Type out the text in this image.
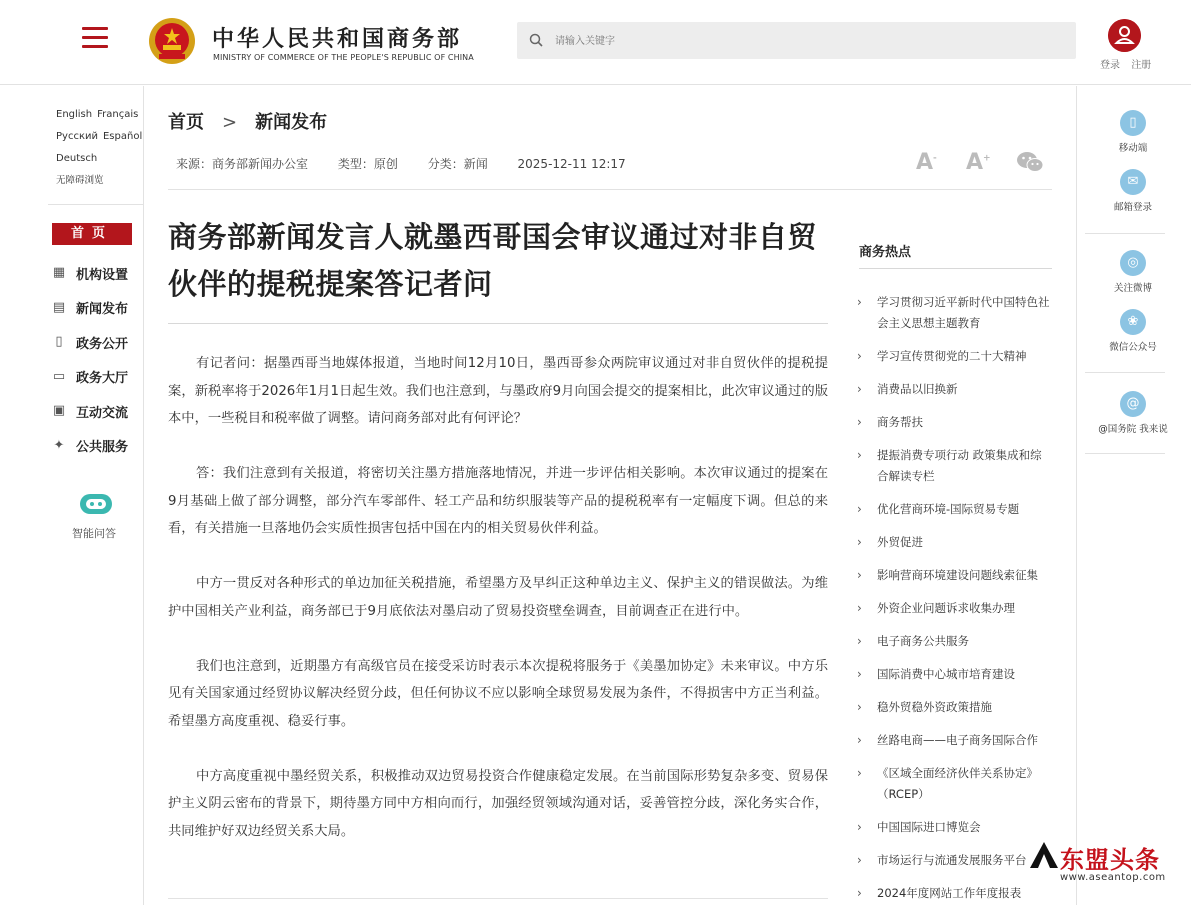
中华人民共和国商务部
MINISTRY OF COMMERCE OF THE PEOPLE'S REPUBLIC OF CHINA
请输入关键字
登录 注册
English Français
Русский Español
Deutsch
无障碍浏览
首页
▦ 机构设置
▤ 新闻发布
▯ 政务公开
▭ 政务大厅
▣ 互动交流
✦ 公共服务
智能问答
首页 > 新闻发布
来源：商务部新闻办公室 类型：原创 分类：新闻 2025-12-11 12:17	A- A+
商务部新闻发言人就墨西哥国会审议通过对非自贸伙伴的提税提案答记者问

有记者问：据墨西哥当地媒体报道，当地时间12月10日，墨西哥参众两院审议通过对非自贸伙伴的提税提案，新税率将于2026年1月1日起生效。我们也注意到，与墨政府9月向国会提交的提案相比，此次审议通过的版本中，一些税目和税率做了调整。请问商务部对此有何评论？

答：我们注意到有关报道，将密切关注墨方措施落地情况，并进一步评估相关影响。本次审议通过的提案在9月基础上做了部分调整，部分汽车零部件、轻工产品和纺织服装等产品的提税税率有一定幅度下调。但总的来看，有关措施一旦落地仍会实质性损害包括中国在内的相关贸易伙伴利益。

中方一贯反对各种形式的单边加征关税措施，希望墨方及早纠正这种单边主义、保护主义的错误做法。为维护中国相关产业利益，商务部已于9月底依法对墨启动了贸易投资壁垒调查，目前调查正在进行中。

我们也注意到，近期墨方有高级官员在接受采访时表示本次提税将服务于《美墨加协定》未来审议。中方乐见有关国家通过经贸协议解决经贸分歧，但任何协议不应以影响全球贸易发展为条件，不得损害中方正当利益。希望墨方高度重视、稳妥行事。

中方高度重视中墨经贸关系，积极推动双边贸易投资合作健康稳定发展。在当前国际形势复杂多变、贸易保护主义阴云密布的背景下，期待墨方同中方相向而行，加强经贸领域沟通对话，妥善管控分歧，深化务实合作，共同维护好双边经贸关系大局。

商务热点
› 学习贯彻习近平新时代中国特色社会主义思想主题教育
› 学习宣传贯彻党的二十大精神
› 消费品以旧换新
› 商务帮扶
› 提振消费专项行动 政策集成和综合解读专栏
› 优化营商环境-国际贸易专题
› 外贸促进
› 影响营商环境建设问题线索征集
› 外资企业问题诉求收集办理
› 电子商务公共服务
› 国际消费中心城市培育建设
› 稳外贸稳外资政策措施
› 丝路电商——电子商务国际合作
› 《区域全面经济伙伴关系协定》（RCEP）
› 中国国际进口博览会
› 市场运行与流通发展服务平台
› 2024年度网站工作年度报表
▯
移动端
✉
邮箱登录
◎
关注微博
❀
微信公众号
@
@国务院 我来说
东盟头条
www.aseantop.com
